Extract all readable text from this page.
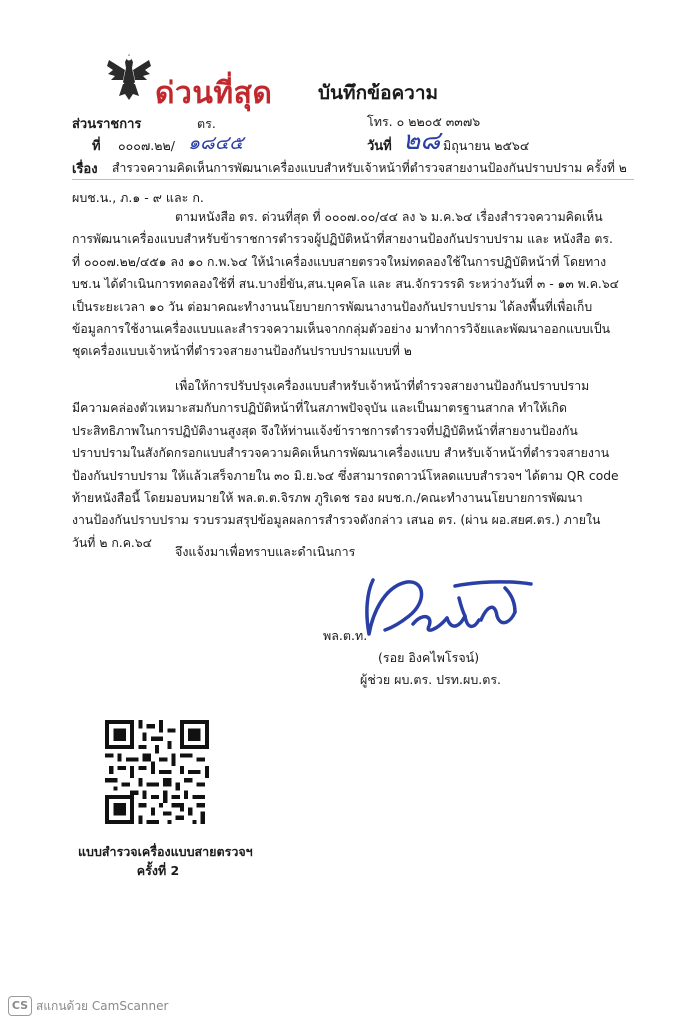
ด่วนที่สุด บันทึกข้อความ
ส่วนราชการ	ตร.	โทร. ๐ ๒๒๐๕ ๓๓๗๖
ที่ ๐๐๐๗.๒๒/ ๑๘๔๕	วันที่ ๒๘ มิถุนายน ๒๕๖๔
เรื่อง สำรวจความคิดเห็นการพัฒนาเครื่องแบบสำหรับเจ้าหน้าที่ตำรวจสายงานป้องกันปราบปราม ครั้งที่ ๒
ผบช.น., ภ.๑ - ๙ และ ก.
ตามหนังสือ ตร. ด่วนที่สุด ที่ ๐๐๐๗.๐๐/๔๔ ลง ๖ ม.ค.๖๔ เรื่องสำรวจความคิดเห็น
การพัฒนาเครื่องแบบสำหรับข้าราชการตำรวจผู้ปฏิบัติหน้าที่สายงานป้องกันปราบปราม และ หนังสือ ตร.
ที่ ๐๐๐๗.๒๒/๔๕๑ ลง ๑๐ ก.พ.๖๔ ให้นำเครื่องแบบสายตรวจใหม่ทดลองใช้ในการปฏิบัติหน้าที่ โดยทาง
บช.น ได้ดำเนินการทดลองใช้ที่ สน.บางยี่ขัน,สน.บุคคโล และ สน.จักรวรรดิ ระหว่างวันที่ ๓ - ๑๓ พ.ค.๖๔
เป็นระยะเวลา ๑๐ วัน ต่อมาคณะทำงานนโยบายการพัฒนางานป้องกันปราบปราม ได้ลงพื้นที่เพื่อเก็บ
ข้อมูลการใช้งานเครื่องแบบและสำรวจความเห็นจากกลุ่มตัวอย่าง มาทำการวิจัยและพัฒนาออกแบบเป็น
ชุดเครื่องแบบเจ้าหน้าที่ตำรวจสายงานป้องกันปราบปรามแบบที่ ๒
เพื่อให้การปรับปรุงเครื่องแบบสำหรับเจ้าหน้าที่ตำรวจสายงานป้องกันปราบปราม
มีความคล่องตัวเหมาะสมกับการปฏิบัติหน้าที่ในสภาพปัจจุบัน และเป็นมาตรฐานสากล ทำให้เกิด
ประสิทธิภาพในการปฏิบัติงานสูงสุด จึงให้ท่านแจ้งข้าราชการตำรวจที่ปฏิบัติหน้าที่สายงานป้องกัน
ปราบปรามในสังกัดกรอกแบบสำรวจความคิดเห็นการพัฒนาเครื่องแบบ สำหรับเจ้าหน้าที่ตำรวจสายงาน
ป้องกันปราบปราม ให้แล้วเสร็จภายใน ๓๐ มิ.ย.๖๔ ซึ่งสามารถดาวน์โหลดแบบสำรวจฯ ได้ตาม QR code
ท้ายหนังสือนี้ โดยมอบหมายให้ พล.ต.ต.จิรภพ ภูริเดช รอง ผบช.ก./คณะทำงานนโยบายการพัฒนา
งานป้องกันปราบปราม รวบรวมสรุปข้อมูลผลการสำรวจดังกล่าว เสนอ ตร. (ผ่าน ผอ.สยศ.ตร.) ภายใน
วันที่ ๒ ก.ค.๖๔
จึงแจ้งมาเพื่อทราบและดำเนินการ
พล.ต.ท.
(รอย อิงคไพโรจน์)
ผู้ช่วย ผบ.ตร. ปรท.ผบ.ตร.
แบบสำรวจเครื่องแบบสายตรวจฯ
ครั้งที่ 2
CS สแกนด้วย CamScanner
